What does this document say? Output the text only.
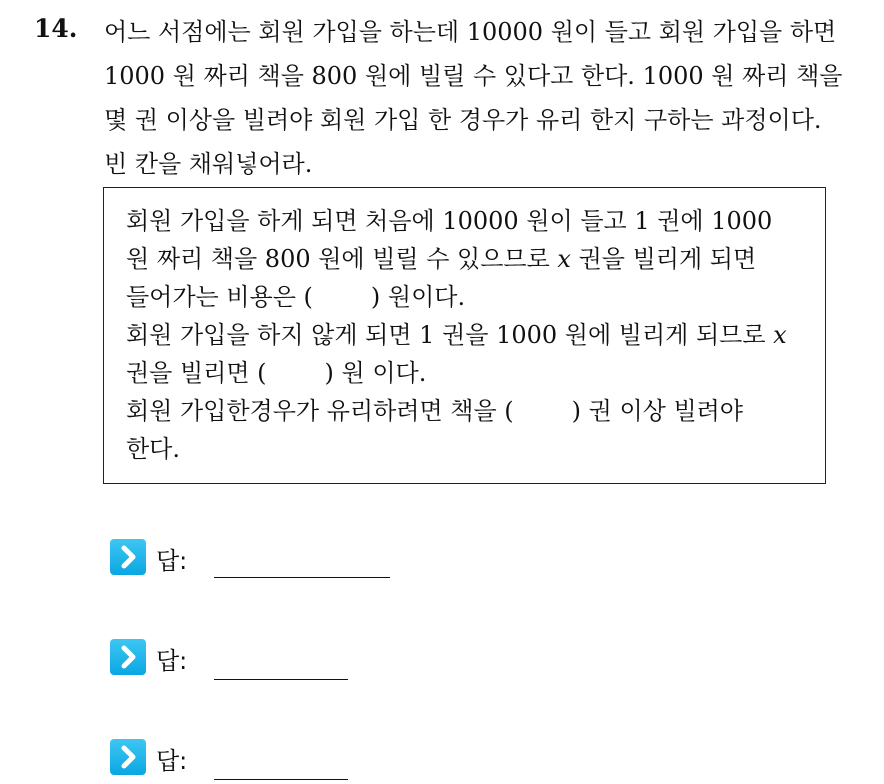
14. 어느 서점에는 회원 가입을 하는데 10000 원이 들고 회원 가입을 하면
1000 원 짜리 책을 800 원에 빌릴 수 있다고 한다. 1000 원 짜리 책을
몇 권 이상을 빌려야 회원 가입 한 경우가 유리 한지 구하는 과정이다.
빈 칸을 채워넣어라.
회원 가입을 하게 되면 처음에 10000 원이 들고 1 권에 1000
원 짜리 책을 800 원에 빌릴 수 있으므로 x 권을 빌리게 되면
들어가는 비용은 ( ) 원이다.
회원 가입을 하지 않게 되면 1 권을 1000 원에 빌리게 되므로 x
권을 빌리면 ( ) 원 이다.
회원 가입한경우가 유리하려면 책을 ( ) 권 이상 빌려야
한다.
답:
답:
답:
